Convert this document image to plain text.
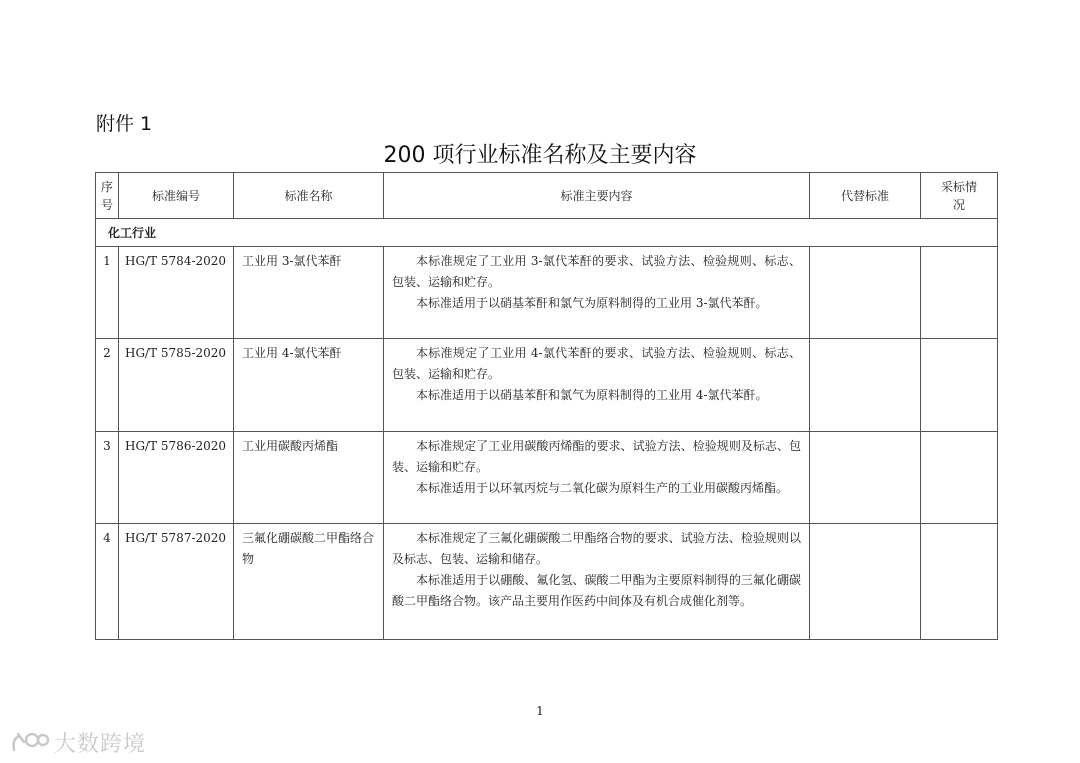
附件 1
200 项行业标准名称及主要内容
序号	标准编号	标准名称	标准主要内容	代替标准	采标情况
化工行业					
1	HG/T 5784-2020	工业用 3-氯代苯酐	本标准规定了工业用 3-氯代苯酐的要求、试验方法、检验规则、标志、包装、运输和贮存。

本标准适用于以硝基苯酐和氯气为原料制得的工业用 3-氯代苯酐。		

2	HG/T 5785-2020	工业用 4-氯代苯酐	本标准规定了工业用 4-氯代苯酐的要求、试验方法、检验规则、标志、包装、运输和贮存。

本标准适用于以硝基苯酐和氯气为原料制得的工业用 4-氯代苯酐。		

3	HG/T 5786-2020	工业用碳酸丙烯酯	本标准规定了工业用碳酸丙烯酯的要求、试验方法、检验规则及标志、包装、运输和贮存。

本标准适用于以环氧丙烷与二氧化碳为原料生产的工业用碳酸丙烯酯。		

4	HG/T 5787-2020	三氟化硼碳酸二甲酯络合物	本标准规定了三氟化硼碳酸二甲酯络合物的要求、试验方法、检验规则以及标志、包装、运输和储存。

本标准适用于以硼酸、氟化氢、碳酸二甲酯为主要原料制得的三氟化硼碳酸二甲酯络合物。该产品主要用作医药中间体及有机合成催化剂等。		

1
大数跨境
